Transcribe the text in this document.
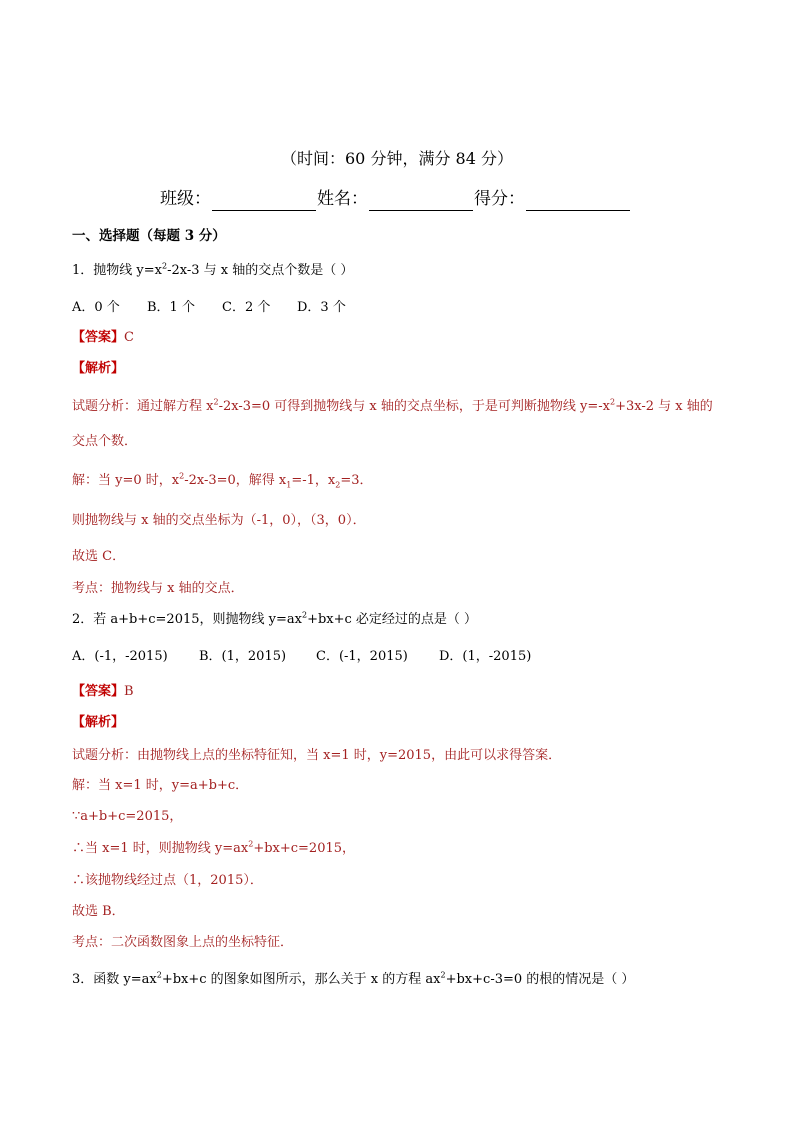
（时间：60 分钟，满分 84 分）
班级：	姓名：	得分：
一、选择题（每题 3 分）
1．抛物线 $y=x^2-2x-3$ 与 x 轴的交点个数是（ ）
A．0 个 B．1 个 C．2 个 D．3 个
【答案】C
【解析】
试题分析：通过解方程 $x^2-2x-3=0$ 可得到抛物线与 x 轴的交点坐标，于是可判断抛物线 $y=-x^2+3x-2$ 与 x 轴的
交点个数．
解：当 y=0 时，$x^2-2x-3=0$，解得 $x_1=-1$，$x_2=3$．
则抛物线与 x 轴的交点坐标为（-1，0），（3，0）．
故选 C．
考点：抛物线与 x 轴的交点．
2．若 a+b+c=2015，则抛物线 $y=ax^2+bx+c$ 必定经过的点是（ ）
A．(-1，-2015) B．(1，2015) C．(-1，2015) D．(1，-2015)
【答案】B
【解析】
试题分析：由抛物线上点的坐标特征知，当 x=1 时，y=2015，由此可以求得答案．
解：当 x=1 时，y=a+b+c．
∵a+b+c=2015，
∴当 x=1 时，则抛物线 $y=ax^2+bx+c=2015$，
∴该抛物线经过点（1，2015）．
故选 B．
考点：二次函数图象上点的坐标特征．
3．函数 $y=ax^2+bx+c$ 的图象如图所示，那么关于 x 的方程 $ax^2+bx+c-3=0$ 的根的情况是（ ）
